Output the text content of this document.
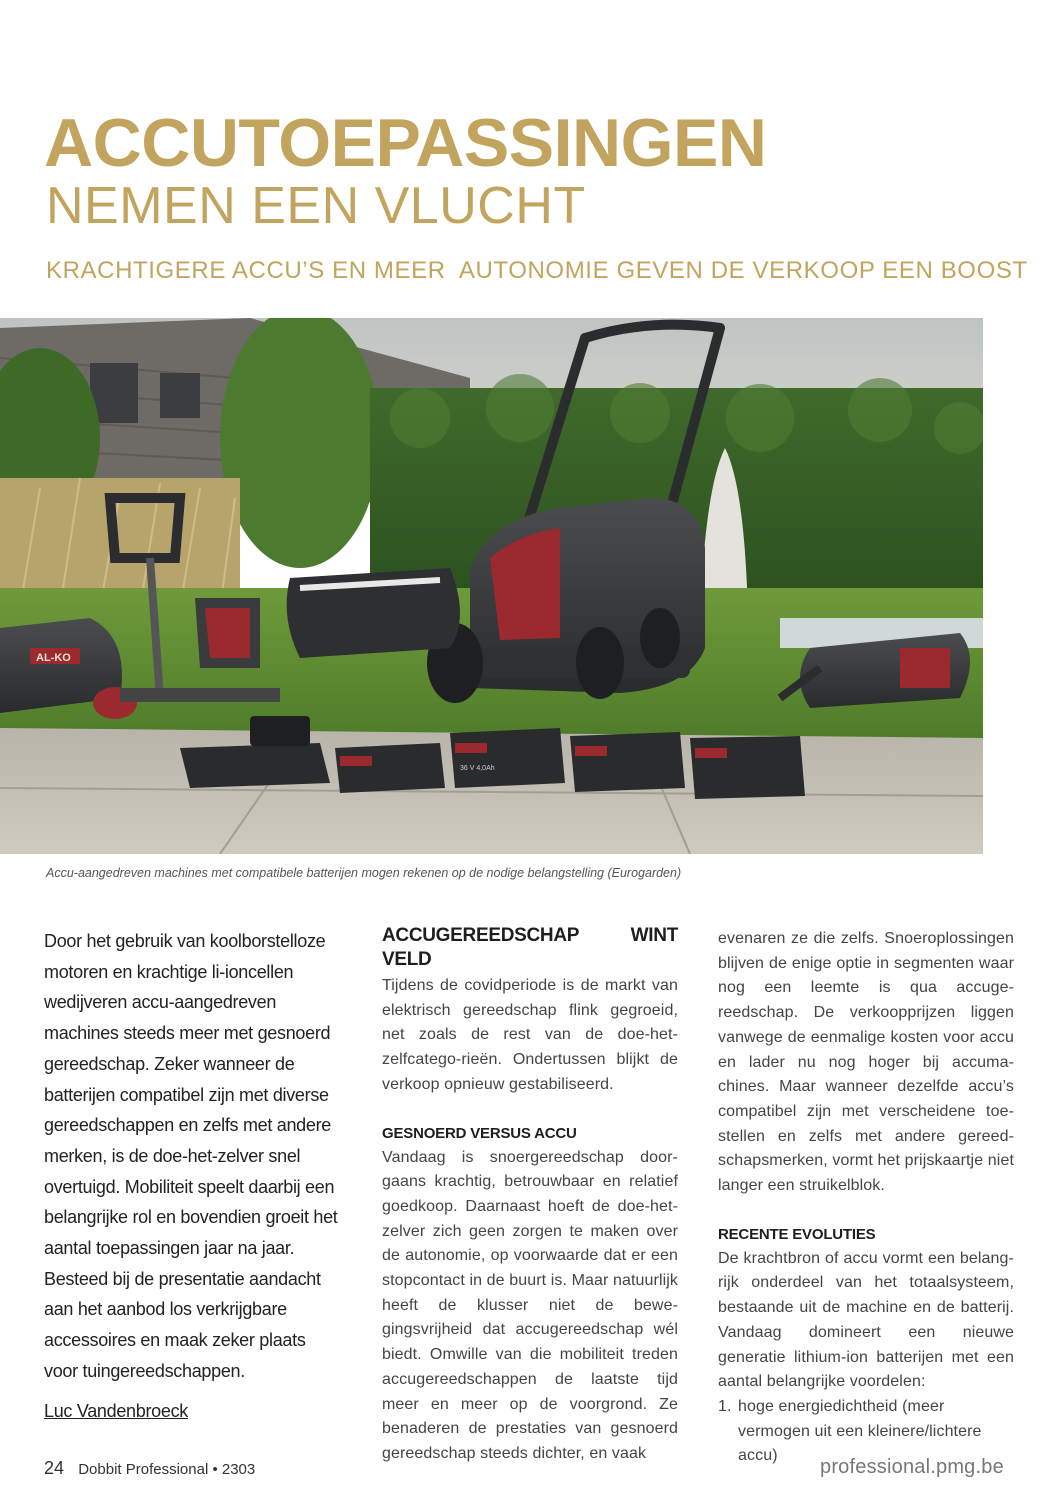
ACCUTOEPASSINGEN
NEMEN EEN VLUCHT
KRACHTIGERE ACCU’S EN MEER  AUTONOMIE GEVEN DE VERKOOP EEN BOOST
AL-KO
36 V 4,0Ah
Accu-aangedreven machines met compatibele batterijen mogen rekenen op de nodige belangstelling (Eurogarden)

Door het gebruik van koolborstelloze motoren en krachtige li-ioncellen wedijveren accu-aangedreven machines steeds meer met gesnoerd gereedschap. Zeker wanneer de batterijen compatibel zijn met diverse gereedschappen en zelfs met andere merken, is de doe-het-zelver snel overtuigd. Mobiliteit speelt daarbij een belangrijke rol en bovendien groeit het aantal toepassingen jaar na jaar. Besteed bij de presentatie aandacht aan het aanbod los verkrijgbare accessoires en maak zeker plaats voor tuingereedschappen.

Luc Vandenbroeck
ACCUGEREEDSCHAP WINT VELD

Tijdens de covidperiode is de markt van elektrisch gereedschap flink gegroeid, net zoals de rest van de doe-het-zelfcatego-rieën. Ondertussen blijkt de verkoop opnieuw gestabiliseerd.

GESNOERD VERSUS ACCU

Vandaag is snoergereedschap door-gaans krachtig, betrouwbaar en relatief goedkoop. Daarnaast hoeft de doe-het-zelver zich geen zorgen te maken over de autonomie, op voorwaarde dat er een stopcontact in de buurt is. Maar natuurlijk heeft de klusser niet de bewe-gingsvrijheid dat accugereedschap wél biedt. Omwille van die mobiliteit treden accugereedschappen de laatste tijd meer en meer op de voorgrond. Ze benaderen de prestaties van gesnoerd gereedschap steeds dichter, en vaak

evenaren ze die zelfs. Snoeroplossingen blijven de enige optie in segmenten waar nog een leemte is qua accuge-reedschap. De verkoopprijzen liggen vanwege de eenmalige kosten voor accu en lader nu nog hoger bij accuma-chines. Maar wanneer dezelfde accu’s compatibel zijn met verscheidene toe-stellen en zelfs met andere gereed-schapsmerken, vormt het prijskaartje niet langer een struikelblok.

RECENTE EVOLUTIES

De krachtbron of accu vormt een belang-rijk onderdeel van het totaalsysteem, bestaande uit de machine en de batterij. Vandaag domineert een nieuwe generatie lithium-ion batterijen met een aantal belangrijke voordelen:

1. hoge energiedichtheid (meer vermogen uit een kleinere/lichtere accu)
24 Dobbit Professional • 2303	professional.pmg.be
